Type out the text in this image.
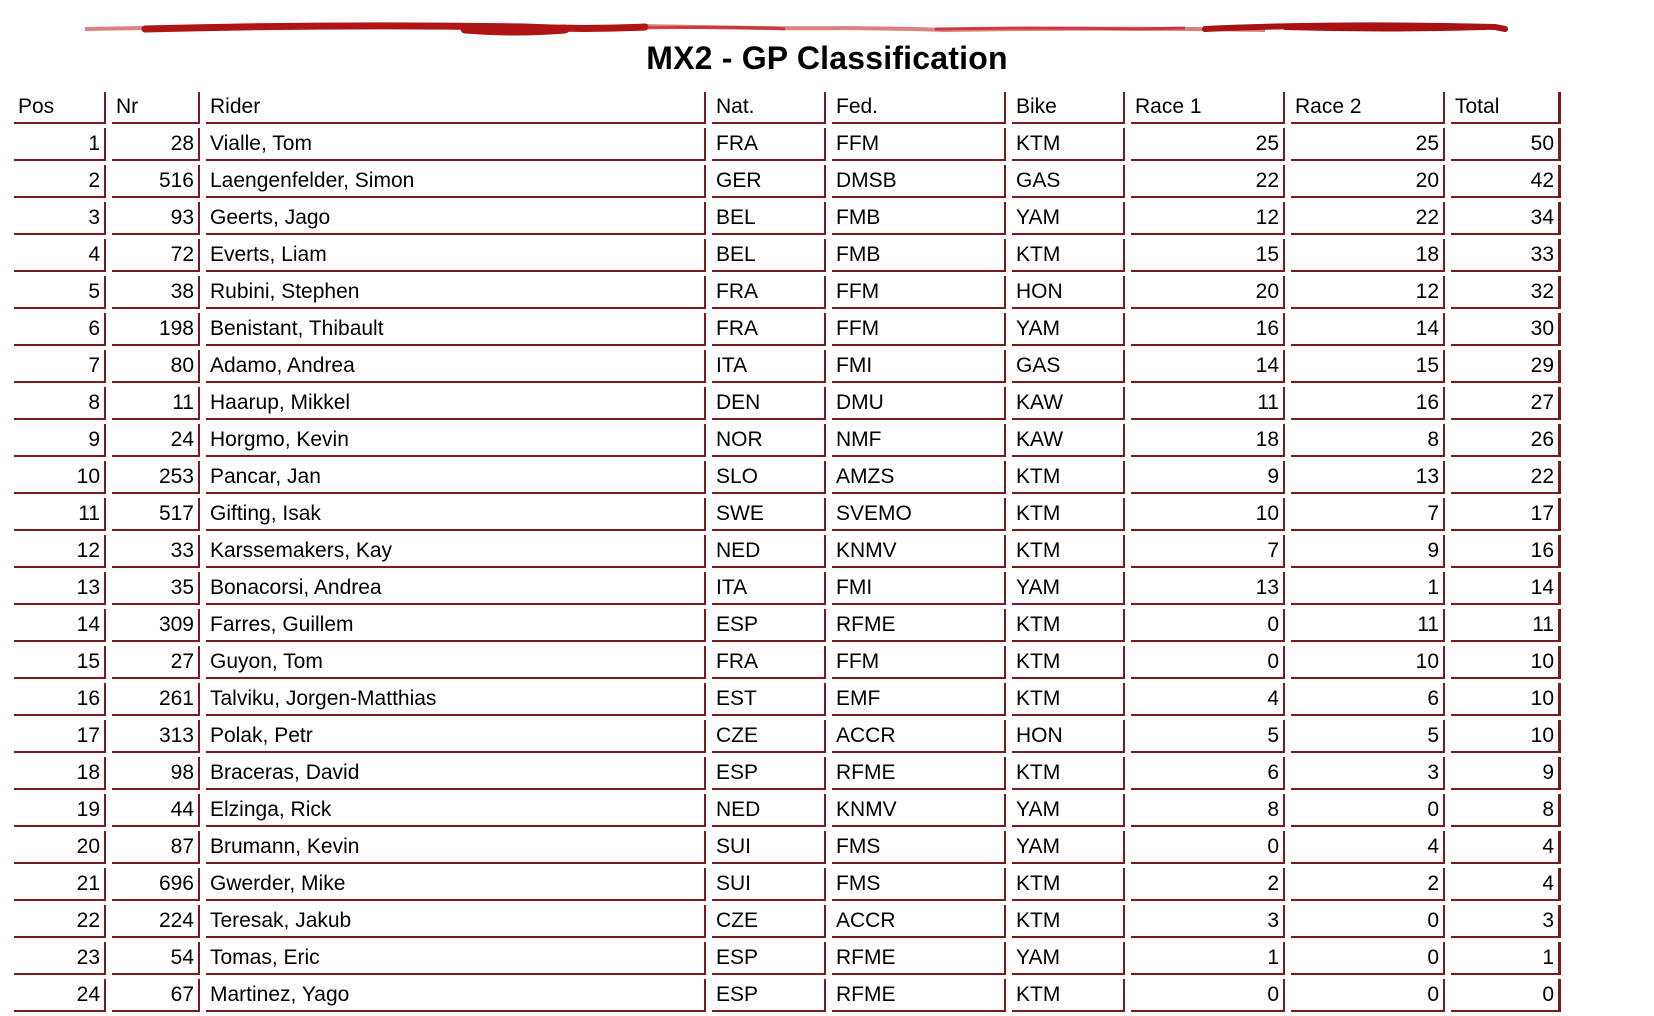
MX2 - GP Classification
Pos	Nr	Rider	Nat.	Fed.	Bike	Race 1	Race 2	Total
1	28	Vialle, Tom	FRA	FFM	KTM	25	25	50
2	516	Laengenfelder, Simon	GER	DMSB	GAS	22	20	42
3	93	Geerts, Jago	BEL	FMB	YAM	12	22	34
4	72	Everts, Liam	BEL	FMB	KTM	15	18	33
5	38	Rubini, Stephen	FRA	FFM	HON	20	12	32
6	198	Benistant, Thibault	FRA	FFM	YAM	16	14	30
7	80	Adamo, Andrea	ITA	FMI	GAS	14	15	29
8	11	Haarup, Mikkel	DEN	DMU	KAW	11	16	27
9	24	Horgmo, Kevin	NOR	NMF	KAW	18	8	26
10	253	Pancar, Jan	SLO	AMZS	KTM	9	13	22
11	517	Gifting, Isak	SWE	SVEMO	KTM	10	7	17
12	33	Karssemakers, Kay	NED	KNMV	KTM	7	9	16
13	35	Bonacorsi, Andrea	ITA	FMI	YAM	13	1	14
14	309	Farres, Guillem	ESP	RFME	KTM	0	11	11
15	27	Guyon, Tom	FRA	FFM	KTM	0	10	10
16	261	Talviku, Jorgen-Matthias	EST	EMF	KTM	4	6	10
17	313	Polak, Petr	CZE	ACCR	HON	5	5	10
18	98	Braceras, David	ESP	RFME	KTM	6	3	9
19	44	Elzinga, Rick	NED	KNMV	YAM	8	0	8
20	87	Brumann, Kevin	SUI	FMS	YAM	0	4	4
21	696	Gwerder, Mike	SUI	FMS	KTM	2	2	4
22	224	Teresak, Jakub	CZE	ACCR	KTM	3	0	3
23	54	Tomas, Eric	ESP	RFME	YAM	1	0	1
24	67	Martinez, Yago	ESP	RFME	KTM	0	0	0
